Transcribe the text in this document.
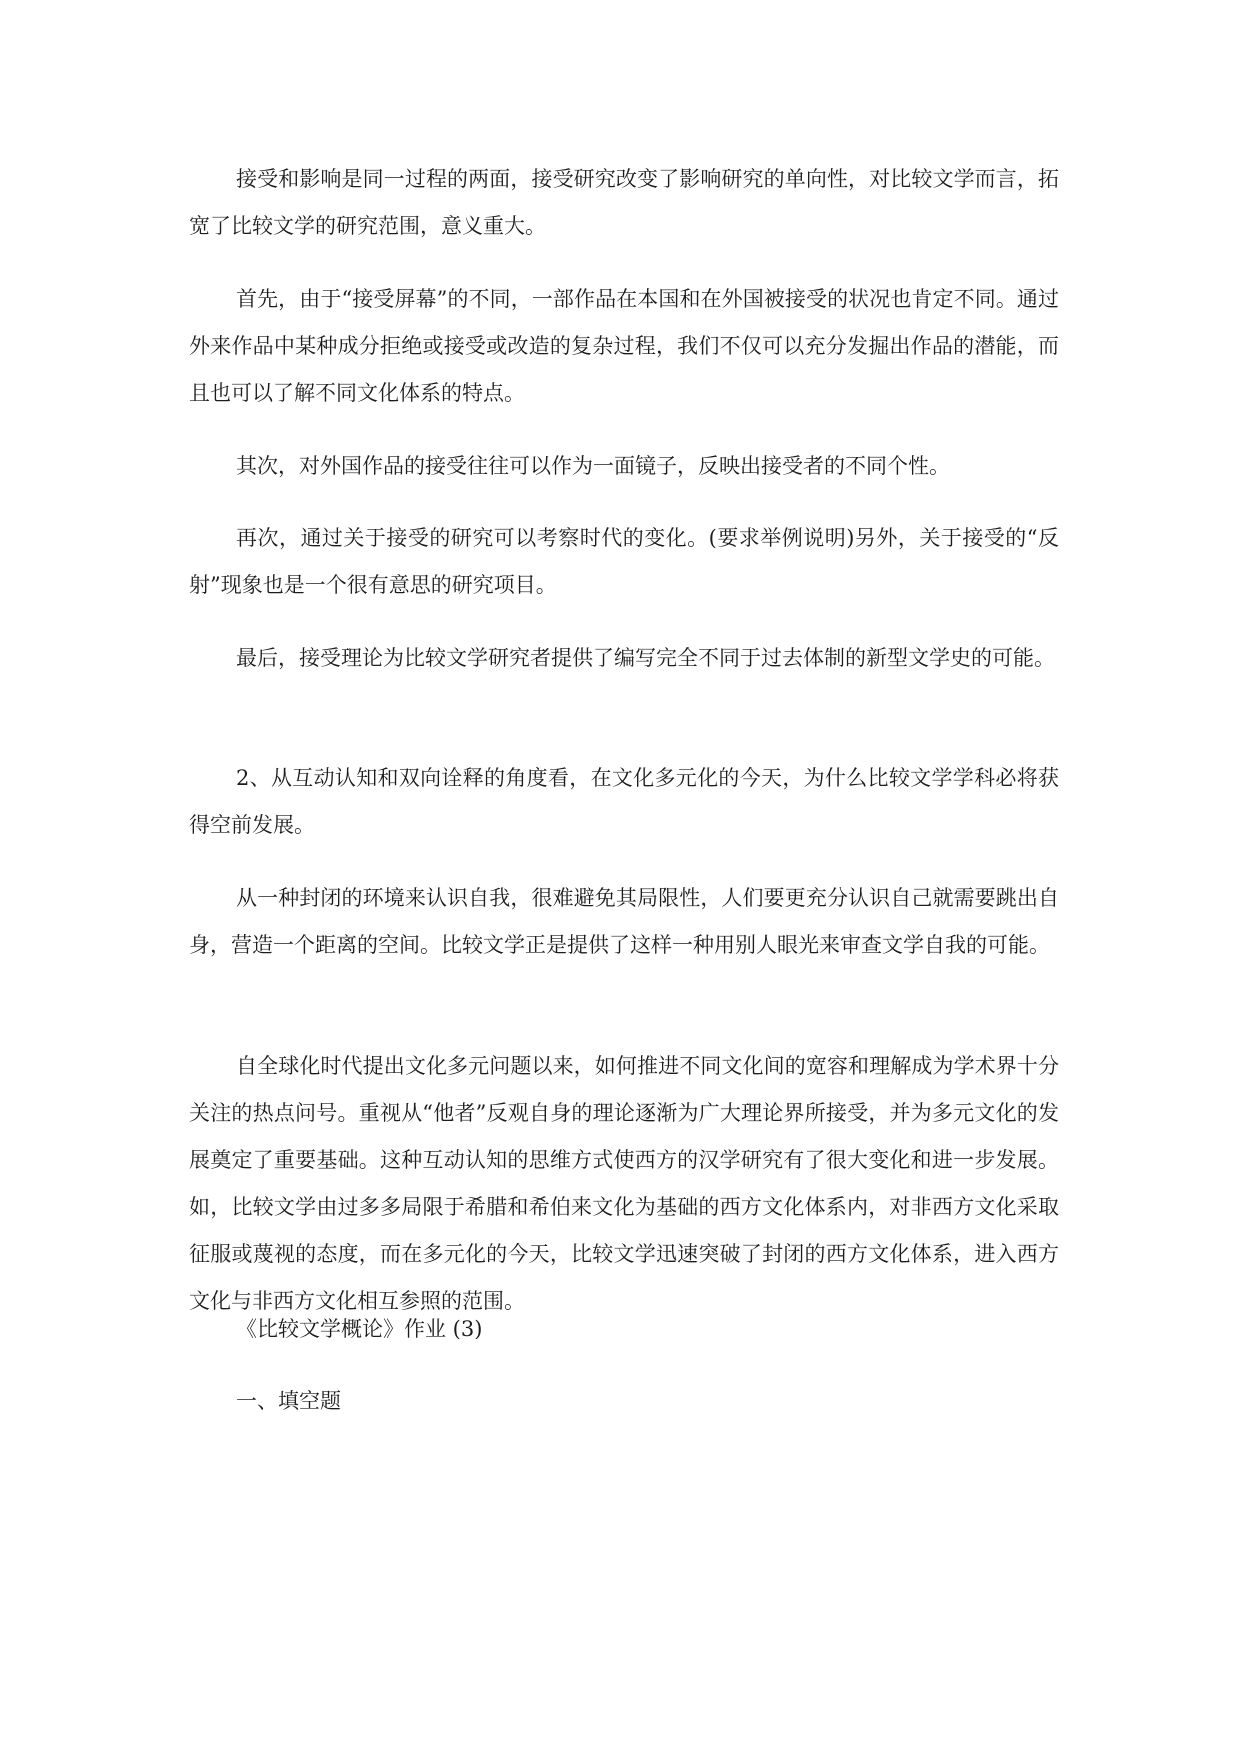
接受和影响是同一过程的两面，接受研究改变了影响研究的单向性，对比较文学而言，拓宽了比较文学的研究范围，意义重大。

首先，由于“接受屏幕”的不同，一部作品在本国和在外国被接受的状况也肯定不同。通过外来作品中某种成分拒绝或接受或改造的复杂过程，我们不仅可以充分发掘出作品的潜能，而且也可以了解不同文化体系的特点。

其次，对外国作品的接受往往可以作为一面镜子，反映出接受者的不同个性。

再次，通过关于接受的研究可以考察时代的变化。(要求举例说明)另外，关于接受的“反射”现象也是一个很有意思的研究项目。

最后，接受理论为比较文学研究者提供了编写完全不同于过去体制的新型文学史的可能。

2、从互动认知和双向诠释的角度看，在文化多元化的今天，为什么比较文学学科必将获得空前发展。

从一种封闭的环境来认识自我，很难避免其局限性，人们要更充分认识自己就需要跳出自身，营造一个距离的空间。比较文学正是提供了这样一种用别人眼光来审查文学自我的可能。

自全球化时代提出文化多元问题以来，如何推进不同文化间的宽容和理解成为学术界十分关注的热点问号。重视从“他者”反观自身的理论逐渐为广大理论界所接受，并为多元文化的发展奠定了重要基础。这种互动认知的思维方式使西方的汉学研究有了很大变化和进一步发展。如，比较文学由过多多局限于希腊和希伯来文化为基础的西方文化体系内，对非西方文化采取征服或蔑视的态度，而在多元化的今天，比较文学迅速突破了封闭的西方文化体系，进入西方文化与非西方文化相互参照的范围。

《比较文学概论》作业 (3)

一、填空题
